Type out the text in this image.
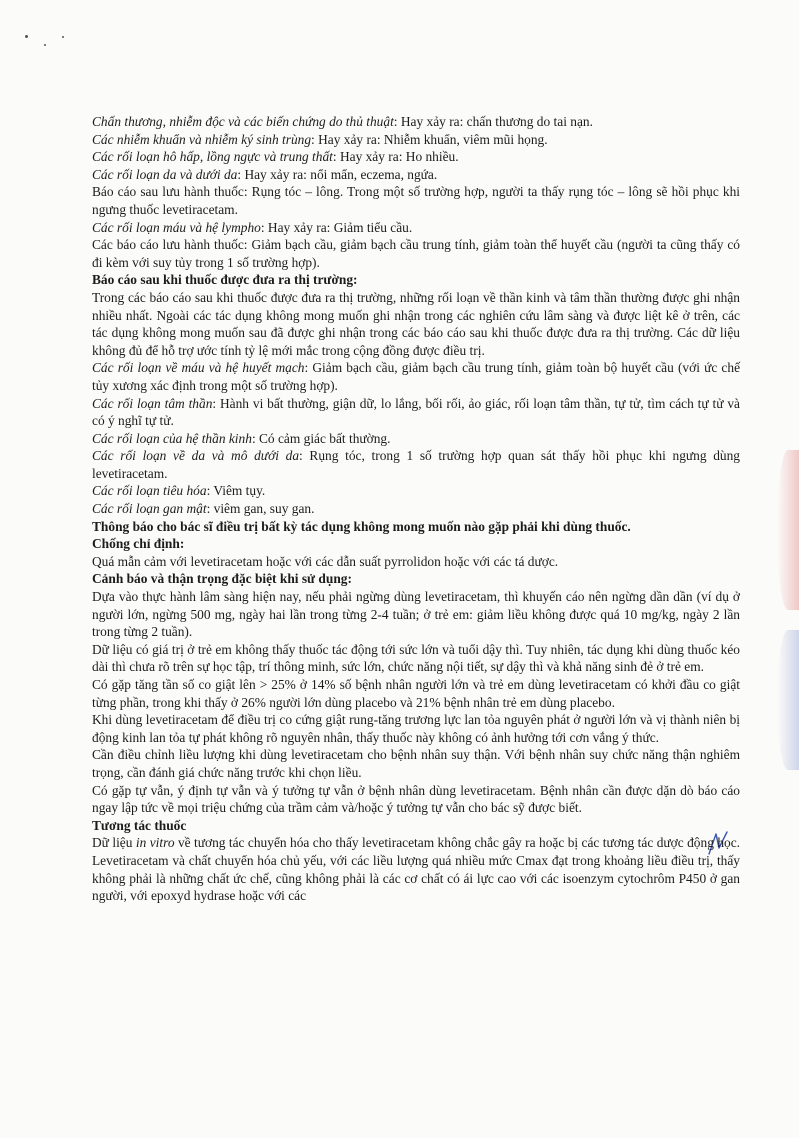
Chấn thương, nhiễm độc và các biến chứng do thủ thuật: Hay xảy ra: chấn thương do tai nạn.

Các nhiễm khuẩn và nhiễm ký sinh trùng: Hay xảy ra: Nhiễm khuẩn, viêm mũi họng.

Các rối loạn hô hấp, lồng ngực và trung thất: Hay xảy ra: Ho nhiều.

Các rối loạn da và dưới da: Hay xảy ra: nổi mẩn, eczema, ngứa.

Báo cáo sau lưu hành thuốc: Rụng tóc – lông. Trong một số trường hợp, người ta thấy rụng tóc – lông sẽ hồi phục khi ngưng thuốc levetiracetam.

Các rối loạn máu và hệ lympho: Hay xảy ra: Giảm tiểu cầu.

Các báo cáo lưu hành thuốc: Giảm bạch cầu, giảm bạch cầu trung tính, giảm toàn thể huyết cầu (người ta cũng thấy có đi kèm với suy tủy trong 1 số trường hợp).

Báo cáo sau khi thuốc được đưa ra thị trường:

Trong các báo cáo sau khi thuốc được đưa ra thị trường, những rối loạn về thần kinh và tâm thần thường được ghi nhận nhiều nhất. Ngoài các tác dụng không mong muốn ghi nhận trong các nghiên cứu lâm sàng và được liệt kê ở trên, các tác dụng không mong muốn sau đã được ghi nhận trong các báo cáo sau khi thuốc được đưa ra thị trường. Các dữ liệu không đủ để hỗ trợ ước tính tỷ lệ mới mắc trong cộng đồng được điều trị.

Các rối loạn về máu và hệ huyết mạch: Giảm bạch cầu, giảm bạch cầu trung tính, giảm toàn bộ huyết cầu (với ức chế tủy xương xác định trong một số trường hợp).

Các rối loạn tâm thần: Hành vi bất thường, giận dữ, lo lắng, bối rối, ảo giác, rối loạn tâm thần, tự tử, tìm cách tự tử và có ý nghĩ tự tử.

Các rối loạn của hệ thần kinh: Có cảm giác bất thường.

Các rối loạn về da và mô dưới da: Rụng tóc, trong 1 số trường hợp quan sát thấy hồi phục khi ngưng dùng levetiracetam.

Các rối loạn tiêu hóa: Viêm tụy.

Các rối loạn gan mật: viêm gan, suy gan.

Thông báo cho bác sĩ điều trị bất kỳ tác dụng không mong muốn nào gặp phải khi dùng thuốc.

Chống chỉ định:

Quá mẫn cảm với levetiracetam hoặc với các dẫn suất pyrrolidon hoặc với các tá dược.

Cảnh báo và thận trọng đặc biệt khi sử dụng:

Dựa vào thực hành lâm sàng hiện nay, nếu phải ngừng dùng levetiracetam, thì khuyến cáo nên ngừng dần dần (ví dụ ở người lớn, ngừng 500 mg, ngày hai lần trong từng 2-4 tuần; ở trẻ em: giảm liều không được quá 10 mg/kg, ngày 2 lần trong từng 2 tuần).

Dữ liệu có giá trị ở trẻ em không thấy thuốc tác động tới sức lớn và tuổi dậy thì. Tuy nhiên, tác dụng khi dùng thuốc kéo dài thì chưa rõ trên sự học tập, trí thông minh, sức lớn, chức năng nội tiết, sự dậy thì và khả năng sinh đẻ ở trẻ em.

Có gặp tăng tần số co giật lên > 25% ở 14% số bệnh nhân người lớn và trẻ em dùng levetiracetam có khởi đầu co giật từng phần, trong khi thấy ở 26% người lớn dùng placebo và 21% bệnh nhân trẻ em dùng placebo.

Khi dùng levetiracetam để điều trị co cứng giật rung-tăng trương lực lan tỏa nguyên phát ở người lớn và vị thành niên bị động kinh lan tỏa tự phát không rõ nguyên nhân, thấy thuốc này không có ảnh hưởng tới cơn vắng ý thức.

Cần điều chỉnh liều lượng khi dùng levetiracetam cho bệnh nhân suy thận. Với bệnh nhân suy chức năng thận nghiêm trọng, cần đánh giá chức năng trước khi chọn liều.

Có gặp tự vẫn, ý định tự vẫn và ý tưởng tự vẫn ở bệnh nhân dùng levetiracetam. Bệnh nhân cần được dặn dò báo cáo ngay lập tức về mọi triệu chứng của trầm cảm và/hoặc ý tưởng tự vẫn cho bác sỹ được biết.

Tương tác thuốc

Dữ liệu in vitro về tương tác chuyển hóa cho thấy levetiracetam không chắc gây ra hoặc bị các tương tác dược động học. Levetiracetam và chất chuyển hóa chủ yếu, với các liều lượng quá nhiều mức Cmax đạt trong khoảng liều điều trị, thấy không phải là những chất ức chế, cũng không phải là các cơ chất có ái lực cao với các isoenzym cytochrôm P450 ở gan người, với epoxyd hydrase hoặc với các
